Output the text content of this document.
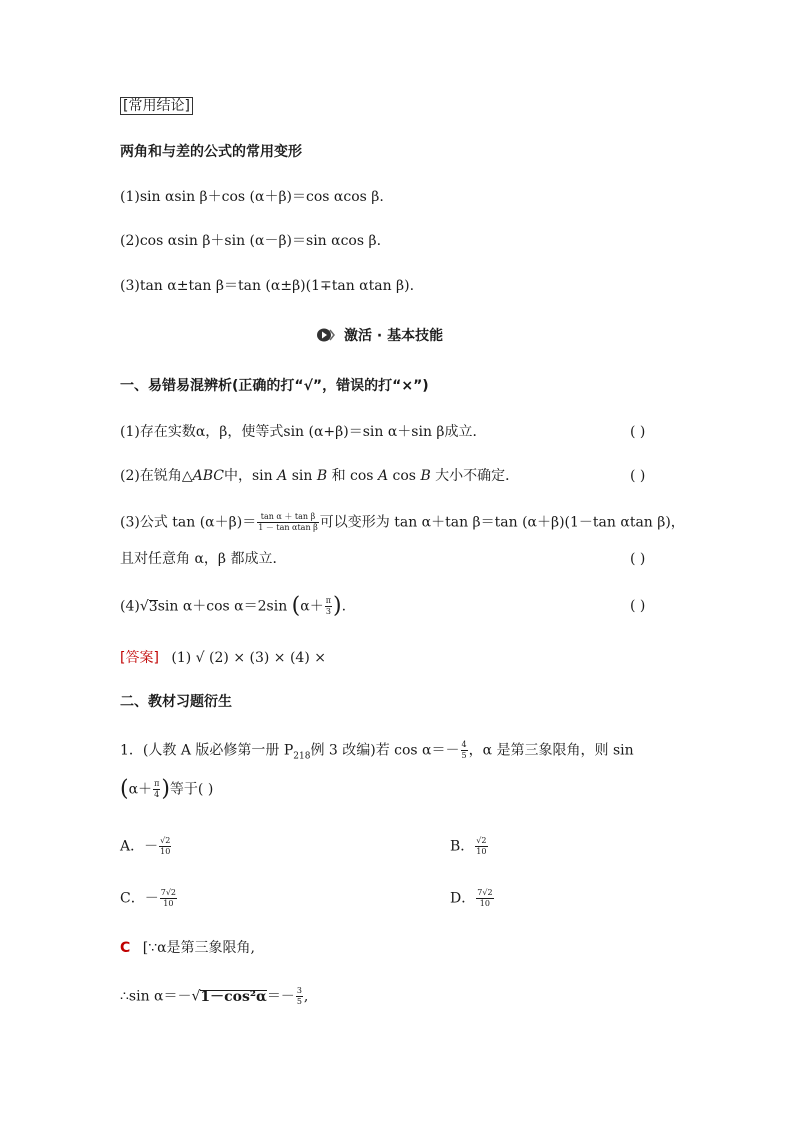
[常用结论]
两角和与差的公式的常用变形
(1)sin αsin β＋cos (α＋β)＝cos αcos β.
(2)cos αsin β＋sin (α－β)＝sin αcos β.
(3)tan α±tan β＝tan (α±β)(1∓tan αtan β).
激活 · 基本技能
一、易错易混辨析(正确的打“√”，错误的打“×”)
(1)存在实数α，β，使等式sin (α+β)＝sin α＋sin β成立．	( )
(2)在锐角△ABC中，sin A sin B 和 cos A cos B 大小不确定．	( )
(3)公式 $\tan (\alpha+\beta)= \frac{\text{tan α ＋ tan β}}{\text{1 － tan αtan β}}$ 可以变形为 tan α＋tan β＝tan (α＋β)(1－tan αtan β)，
且对任意角 α，β 都成立．	( )
(4)√3sin α＋cos α＝2sin ($\alpha+ \frac{\pi}{3}$ ).	( )
[答案] (1) √ (2) × (3) × (4) ×
二、教材习题衍生
1．(人教 A 版必修第一册 $P_{218}$例 3 改编)若 $\cos \alpha=- \frac{4}{5}$ ，α 是第三象限角，则 sin
($\alpha+ \frac{\pi}{4}$ )等于( )
A．－ $\frac{√2}{10}$	B． $\frac{√2}{10}$
C．－ $\frac{7√2}{10}$	D． $\frac{7√2}{10}$
C [∵α是第三象限角,
∴sin $\alpha=-√1-\cos^2\alpha=- \frac{3}{5}$ ,
